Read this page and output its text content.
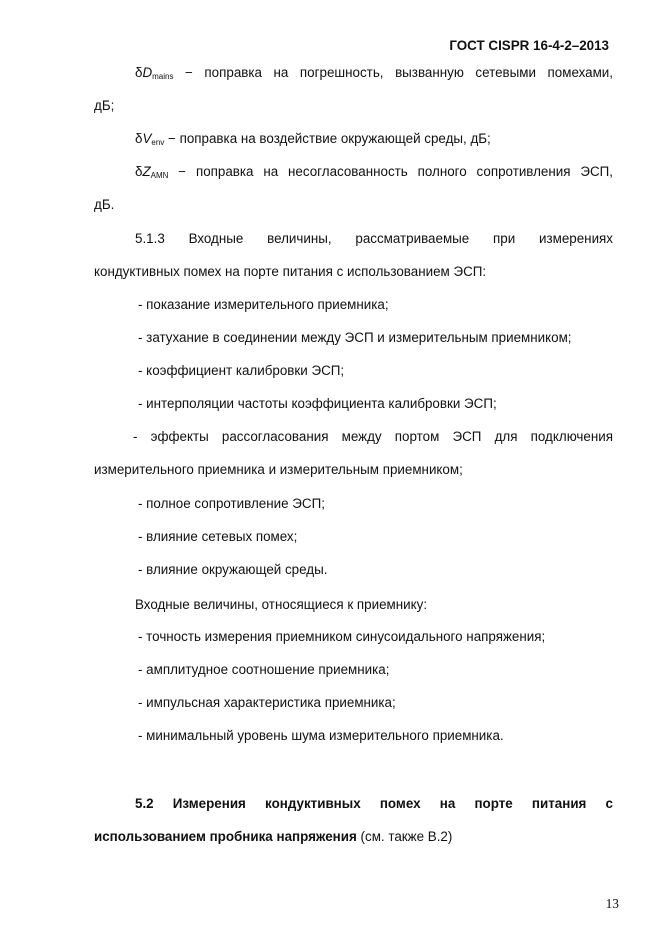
ГОСТ CISPR 16-4-2–2013
$\delta D_{mains}$ − поправка на погрешность, вызванную сетевыми помехами,
дБ;
$\delta V_{env}$ − поправка на воздействие окружающей среды, дБ;
$\delta Z_{AMN}$ − поправка на несогласованность полного сопротивления ЭСП,
дБ.
5.1.3 Входные величины, рассматриваемые при измерениях
кондуктивных помех на порте питания с использованием ЭСП:
- показание измерительного приемника;
- затухание в соединении между ЭСП и измерительным приемником;
- коэффициент калибровки ЭСП;
- интерполяции частоты коэффициента калибровки ЭСП;
- эффекты рассогласования между портом ЭСП для подключения
измерительного приемника и измерительным приемником;
- полное сопротивление ЭСП;
- влияние сетевых помех;
- влияние окружающей среды.
Входные величины, относящиеся к приемнику:
- точность измерения приемником синусоидального напряжения;
- амплитудное соотношение приемника;
- импульсная характеристика приемника;
- минимальный уровень шума измерительного приемника.
5.2 Измерения кондуктивных помех на порте питания с
использованием пробника напряжения (см. также В.2)
13
